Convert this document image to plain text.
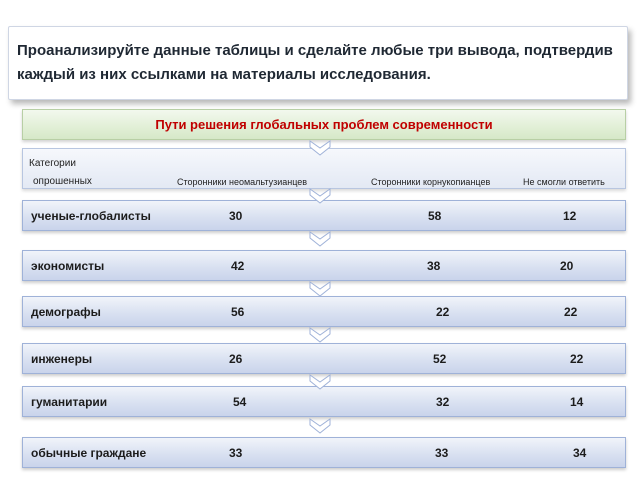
Проанализируйте данные таблицы и сделайте любые три вывода, подтвердив каждый из них ссылками на материалы исследования.
Пути решения глобальных проблем современности
Категории
опрошенных	Сторонники неомальтузианцев	Сторонники корнукопианцев	Не смогли ответить
ученые-глобалисты	30	58	12
экономисты	42	38	20
демографы	56	22	22
инженеры	26	52	22
гуманитарии	54	32	14
обычные граждане	33	33	34
